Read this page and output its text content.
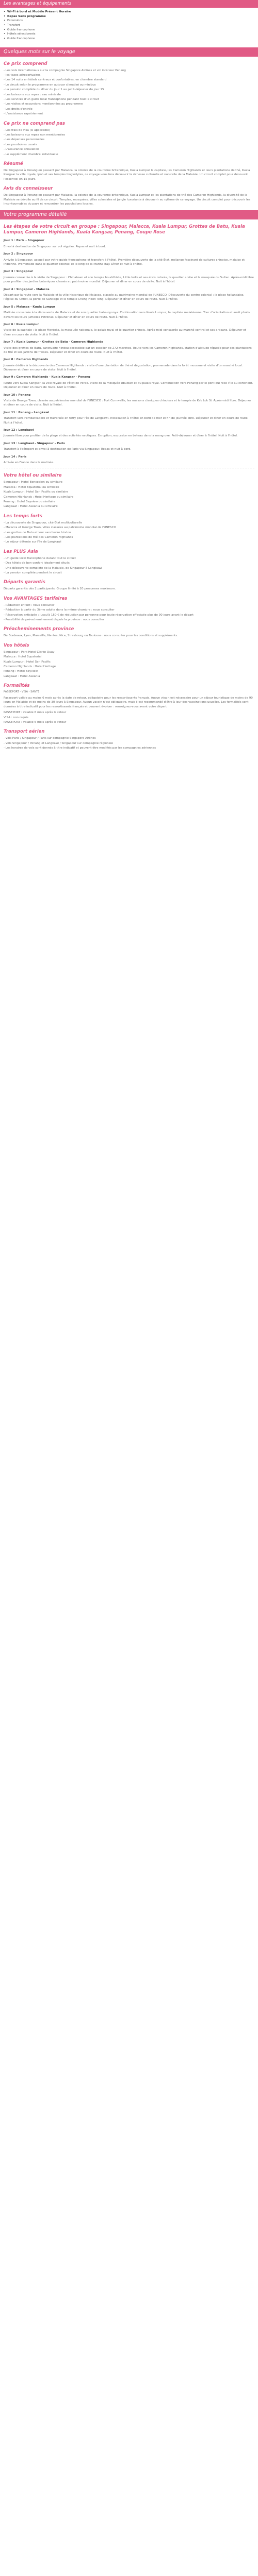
Les avantages et équipements
• Wi-Fi à bord et Modèle Présent Horaire
• Repas Sans programme
• Excursions
• Transfert
• Guide francophone
• Hôtels sélectionnés
• Guide francophone
Quelques mots sur le voyage
Ce prix comprend

- Les vols internationaux sur la compagnie Singapore Airlines et vol intérieur Penang

- les taxes aéroportuaires

- Les 14 nuits en hôtels centraux et confortables, en chambre standard

- Le circuit selon le programme en autocar climatisé ou minibus

- La pension complète du dîner du jour 1 au petit-déjeuner du jour 15

- Les boissons aux repas : eau minérale

- Les services d'un guide local francophone pendant tout le circuit

- Les visites et excursions mentionnées au programme

- Les droits d'entrée

- L'assistance rapatriement

Ce prix ne comprend pas

- Les frais de visa (si applicable)

- Les boissons aux repas non mentionnées

- Les dépenses personnelles

- Les pourboires usuels

- L'assurance annulation

- Le supplément chambre individuelle

Résumé

De Singapour à Penang en passant par Malacca, la colonie de la couronne britannique, Kuala Lumpur la capitale, les Cameron Highlands et leurs plantations de thé, Kuala Kangsar la ville royale, Ipoh et ses temples troglodytes, ce voyage vous fera découvrir la richesse culturelle et naturelle de la Malaisie. Un circuit complet pour découvrir l'essentiel en 15 jours.

Avis du connaisseur

De Singapour à Penang en passant par Malacca, la colonie de la couronne britannique, Kuala Lumpur et les plantations de thé des Cameron Highlands, la diversité de la Malaisie se dévoile au fil de ce circuit. Temples, mosquées, villes coloniales et jungle luxuriante à découvrir au rythme de ce voyage. Un circuit complet pour découvrir les incontournables du pays et rencontrer les populations locales.

Votre programme détaillé
Les étapes de votre circuit en groupe : Singapour, Malacca, Kuala Lumpur, Grottes de Batu, Kuala Lumpur, Cameron Highlands, Kuala Kangsar, Penang, Coupe Rose

Jour 1 : Paris - Singapour

Envol à destination de Singapour sur vol régulier. Repas et nuit à bord.

Jour 2 : Singapour

Arrivée à Singapour, accueil par votre guide francophone et transfert à l'hôtel. Première découverte de la cité-État, mélange fascinant de cultures chinoise, malaise et indienne. Promenade dans le quartier colonial et le long de la Marina Bay. Dîner et nuit à l'hôtel.

Jour 3 : Singapour

Journée consacrée à la visite de Singapour : Chinatown et son temple bouddhiste, Little India et ses étals colorés, le quartier arabe et la mosquée du Sultan. Après-midi libre pour profiter des jardins botaniques classés au patrimoine mondial. Déjeuner et dîner en cours de visite. Nuit à l'hôtel.

Jour 4 : Singapour - Malacca

Départ par la route vers la Malaisie et la ville historique de Malacca, classée au patrimoine mondial de l'UNESCO. Découverte du centre colonial : la place hollandaise, l'église du Christ, la porte de Santiago et le temple Cheng Hoon Teng. Déjeuner et dîner en cours de route. Nuit à l'hôtel.

Jour 5 : Malacca - Kuala Lumpur

Matinée consacrée à la découverte de Malacca et de son quartier baba-nyonya. Continuation vers Kuala Lumpur, la capitale malaisienne. Tour d'orientation et arrêt photo devant les tours jumelles Petronas. Déjeuner et dîner en cours de route. Nuit à l'hôtel.

Jour 6 : Kuala Lumpur

Visite de la capitale : la place Merdeka, la mosquée nationale, le palais royal et le quartier chinois. Après-midi consacrée au marché central et ses artisans. Déjeuner et dîner en cours de visite. Nuit à l'hôtel.

Jour 7 : Kuala Lumpur - Grottes de Batu - Cameron Highlands

Visite des grottes de Batu, sanctuaire hindou accessible par un escalier de 272 marches. Route vers les Cameron Highlands, station d'altitude réputée pour ses plantations de thé et ses jardins de fraises. Déjeuner et dîner en cours de route. Nuit à l'hôtel.

Jour 8 : Cameron Highlands

Journée dédiée à la découverte des Cameron Highlands : visite d'une plantation de thé et dégustation, promenade dans la forêt moussue et visite d'un marché local. Déjeuner et dîner en cours de visite. Nuit à l'hôtel.

Jour 9 : Cameron Highlands - Kuala Kangsar - Penang

Route vers Kuala Kangsar, la ville royale de l'État de Perak. Visite de la mosquée Ubudiah et du palais royal. Continuation vers Penang par le pont qui relie l'île au continent. Déjeuner et dîner en cours de route. Nuit à l'hôtel.

Jour 10 : Penang

Visite de George Town, classée au patrimoine mondial de l'UNESCO : Fort Cornwallis, les maisons claniques chinoises et le temple de Kek Lok Si. Après-midi libre. Déjeuner et dîner en cours de visite. Nuit à l'hôtel.

Jour 11 : Penang - Langkawi

Transfert vers l'embarcadère et traversée en ferry pour l'île de Langkawi. Installation à l'hôtel en bord de mer et fin de journée libre. Déjeuner et dîner en cours de route. Nuit à l'hôtel.

Jour 12 : Langkawi

Journée libre pour profiter de la plage et des activités nautiques. En option, excursion en bateau dans la mangrove. Petit-déjeuner et dîner à l'hôtel. Nuit à l'hôtel.

Jour 13 : Langkawi - Singapour - Paris

Transfert à l'aéroport et envol à destination de Paris via Singapour. Repas et nuit à bord.

Jour 14 : Paris

Arrivée en France dans la matinée.

Votre hôtel ou similaire

Singapour : Hotel Bencoolen ou similaire

Malacca : Hotel Equatorial ou similaire

Kuala Lumpur : Hotel Seri Pacific ou similaire

Cameron Highlands : Hotel Heritage ou similaire

Penang : Hotel Bayview ou similaire

Langkawi : Hotel Aseania ou similaire

Les temps forts

- La découverte de Singapour, cité-État multiculturelle

- Malacca et George Town, villes classées au patrimoine mondial de l'UNESCO

- Les grottes de Batu et leur sanctuaire hindou

- Les plantations de thé des Cameron Highlands

- Le séjour détente sur l'île de Langkawi

Les PLUS Asia

- Un guide local francophone durant tout le circuit

- Des hôtels de bon confort idealement situés

- Une découverte complète de la Malaisie, de Singapour à Langkawi

- La pension complète pendant le circuit

Départs garantis

Départs garantis dès 2 participants. Groupe limité à 20 personnes maximum.

Vos AVANTAGES tarifaires

- Réduction enfant : nous consulter

- Réduction à partir du 3ème adulte dans la même chambre : nous consulter

- Réservation anticipée : jusqu'à 150 € de réduction par personne pour toute réservation effectuée plus de 90 jours avant le départ

- Possibilité de pré-acheminement depuis la province : nous consulter

Préacheminements province

De Bordeaux, Lyon, Marseille, Nantes, Nice, Strasbourg ou Toulouse : nous consulter pour les conditions et suppléments.

Vos hôtels

Singapour : Park Hotel Clarke Quay

Malacca : Hotel Equatorial

Kuala Lumpur : Hotel Seri Pacific

Cameron Highlands : Hotel Heritage

Penang : Hotel Bayview

Langkawi : Hotel Aseania

Formalités

PASSEPORT - VISA - SANTÉ

Passeport valide au moins 6 mois après la date de retour, obligatoire pour les ressortissants français. Aucun visa n'est nécessaire pour un séjour touristique de moins de 90 jours en Malaisie et de moins de 30 jours à Singapour. Aucun vaccin n'est obligatoire, mais il est recommandé d'être à jour des vaccinations usuelles. Les formalités sont données à titre indicatif pour les ressortissants français et peuvent évoluer : renseignez-vous avant votre départ.

PASSEPORT : valable 6 mois après le retour

VISA : non requis

PASSEPORT : valable 6 mois après le retour

Transport aérien

- Vols Paris / Singapour / Paris sur compagnie Singapore Airlines

- Vols Singapour / Penang et Langkawi / Singapour sur compagnie régionale

- Les horaires de vols sont donnés à titre indicatif et peuvent être modifiés par les compagnies aériennes
